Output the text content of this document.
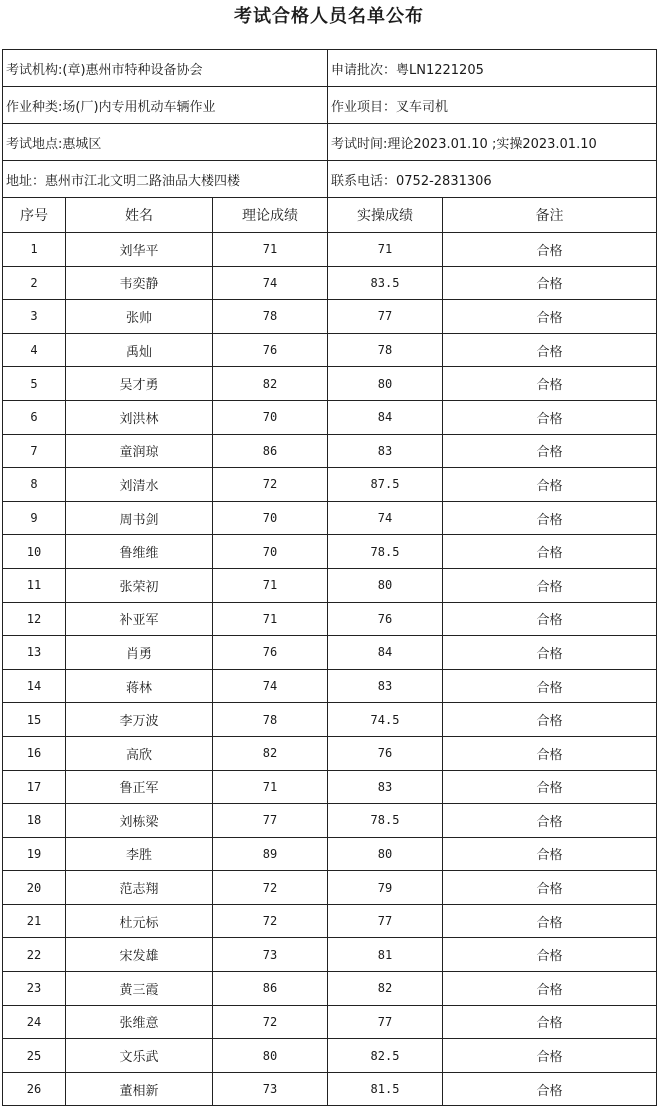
考试合格人员名单公布
考试机构:(章)惠州市特种设备协会			申请批次：粤LN1221205	
作业种类:场(厂)内专用机动车辆作业			作业项目：叉车司机	
考试地点:惠城区			考试时间:理论2023.01.10 ;实操2023.01.10	
地址：惠州市江北文明二路油品大楼四楼			联系电话：0752-2831306	
序号	姓名	理论成绩	实操成绩	备注
1	刘华平	71	71	合格
2	韦奕静	74	83.5	合格
3	张帅	78	77	合格
4	禹灿	76	78	合格
5	吴才勇	82	80	合格
6	刘洪林	70	84	合格
7	童润琼	86	83	合格
8	刘清水	72	87.5	合格
9	周书剑	70	74	合格
10	鲁维维	70	78.5	合格
11	张荣初	71	80	合格
12	补亚军	71	76	合格
13	肖勇	76	84	合格
14	蒋林	74	83	合格
15	李万波	78	74.5	合格
16	高欣	82	76	合格
17	鲁正军	71	83	合格
18	刘栋梁	77	78.5	合格
19	李胜	89	80	合格
20	范志翔	72	79	合格
21	杜元标	72	77	合格
22	宋发雄	73	81	合格
23	黄三霞	86	82	合格
24	张维意	72	77	合格
25	文乐武	80	82.5	合格
26	董相新	73	81.5	合格
